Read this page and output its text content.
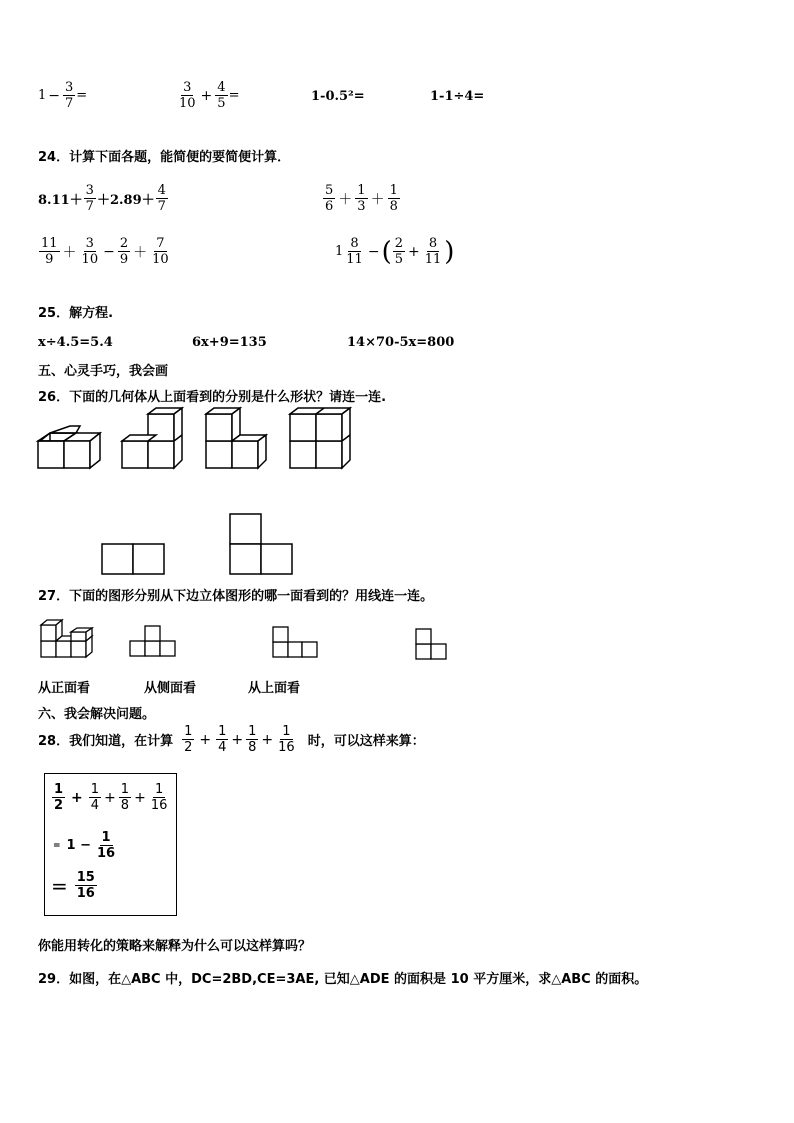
$1 - \frac{3}{7}$ =	$\frac{3}{10} + \frac{4}{5}$ =	1-0.5²=	1-1÷4=
24．计算下面各题，能简便的要简便计算．
$8.11+ \frac{3}{7} +2.89+ \frac{4}{7}$	$\frac{5}{6} + \frac{1}{3} + \frac{1}{8}$
$\frac{11}{9} + \frac{3}{10} - \frac{2}{9} + \frac{7}{10}$	$1 \frac{8}{11}$ − ( $\frac{2}{5} + \frac{8}{11}$ )
25．解方程.
x÷4.5=5.4	6x+9=135	14×70-5x=800
五、心灵手巧，我会画
26．下面的几何体从上面看到的分别是什么形状？请连一连.
27．下面的图形分别从下边立体图形的哪一面看到的？用线连一连。
从正面看	从侧面看	从上面看
六、我会解决问题。
28．我们知道，在计算 $\frac{1}{2} + \frac{1}{4} + \frac{1}{8} + \frac{1}{16}$ 时，可以这样来算：
$\frac{1}{2} + \frac{1}{4} + \frac{1}{8} + \frac{1}{16}$
= $1 - \frac{1}{16}$
= $\frac{15}{16}$
你能用转化的策略来解释为什么可以这样算吗？
29．如图，在△ABC 中，DC=2BD,CE=3AE, 已知△ADE 的面积是 10 平方厘米，求△ABC 的面积。
